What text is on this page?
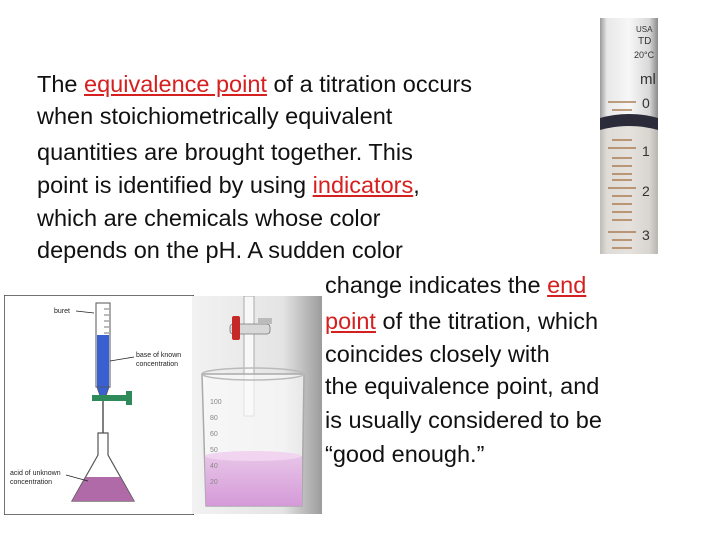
The equivalence point of a titration occurs
when stoichiometrically equivalent
quantities are brought together. This
point is identified by using indicators,
which are chemicals whose color
depends on the pH. A sudden color
change indicates the end
point of the titration, which
coincides closely with
the equivalence point, and
is usually considered to be
“good enough.”
USA
TD
20°C
ml
0
1
2
3
buret
base of known
concentration
acid of unknown
concentration
100
80
60
50
40
20
